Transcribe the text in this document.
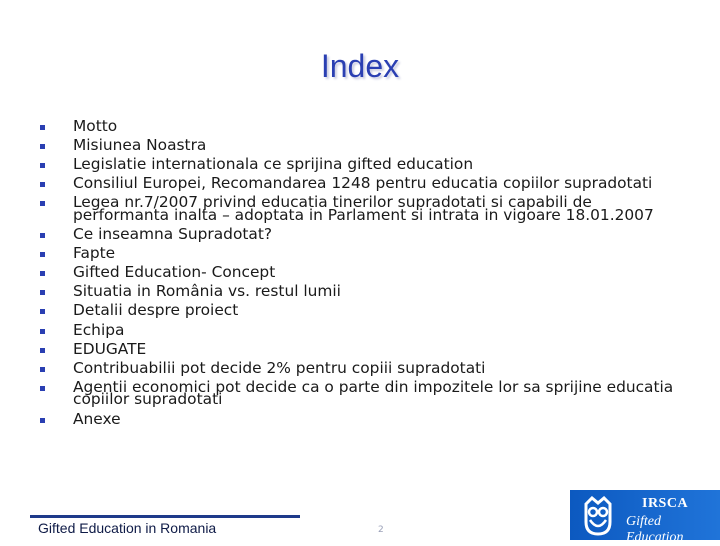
Index
Motto
Misiunea Noastra
Legislatie internationala ce sprijina gifted education
Consiliul Europei, Recomandarea 1248 pentru educatia copiilor supradotati
Legea nr.7/2007 privind educatia tinerilor supradotati si capabili de performanta inalta – adoptata in Parlament si intrata in vigoare 18.01.2007
Ce inseamna Supradotat?
Fapte
Gifted Education- Concept
Situatia in România vs. restul lumii
Detalii despre proiect
Echipa
EDUGATE
Contribuabilii pot decide 2% pentru copiii supradotati
Agentii economici pot decide ca o parte din impozitele lor sa sprijine educatia copiilor supradotati
Anexe
Gifted Education in Romania	2
IRSCA
Gifted Education
